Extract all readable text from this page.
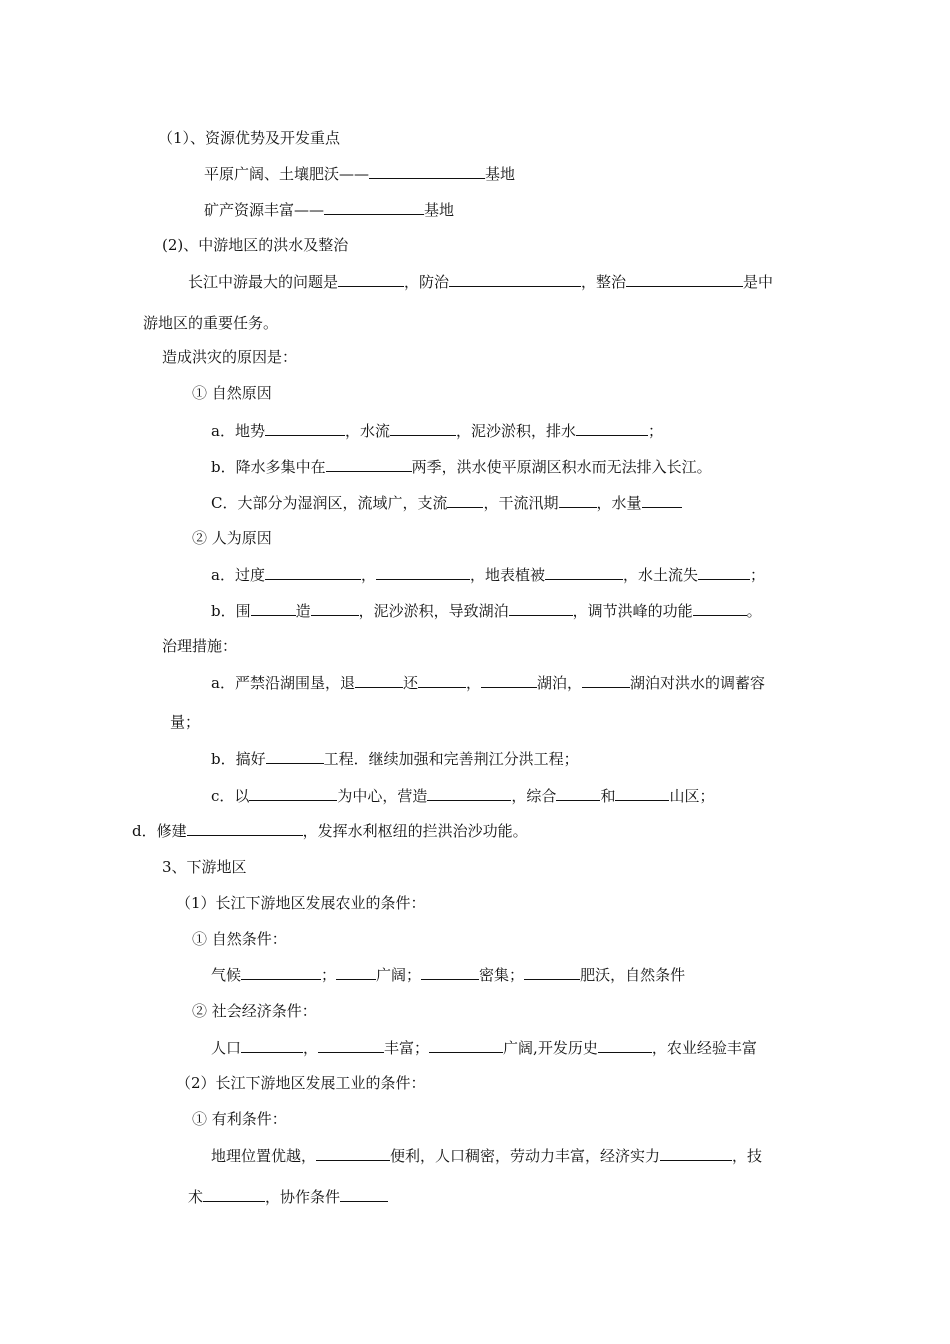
（1）、资源优势及开发重点
平原广阔、土壤肥沃——	基地
矿产资源丰富——	基地
(2)、中游地区的洪水及整治
长江中游最大的问题是	，防治	，整治	是中
游地区的重要任务。
造成洪灾的原因是：
① 自然原因
a．地势	，水流	，泥沙淤积，排水	；
b．降水多集中在	两季，洪水使平原湖区积水而无法排入长江。
C．大部分为湿润区，流域广，支流 ，干流汛期	，水量
② 人为原因
a．过度	，	，地表植被	，水土流失	；
b．围	造	，泥沙淤积，导致湖泊	，调节洪峰的功能	。
治理措施：
a．严禁沿湖围垦，退	还	，	湖泊，	湖泊对洪水的调蓄容
量；
b．搞好	工程．继续加强和完善荆江分洪工程；
c．以	为中心，营造	，综合	和	山区；
d．修建	，发挥水利枢纽的拦洪治沙功能。
3、下游地区
（1）长江下游地区发展农业的条件：
① 自然条件：
气候	；	广阔；	密集；	肥沃，自然条件
② 社会经济条件：
人口	，	丰富；	广阔,开发历史	，农业经验丰富
（2）长江下游地区发展工业的条件：
① 有利条件：
地理位置优越，	便利，人口稠密，劳动力丰富，经济实力	，技
术	，协作条件
